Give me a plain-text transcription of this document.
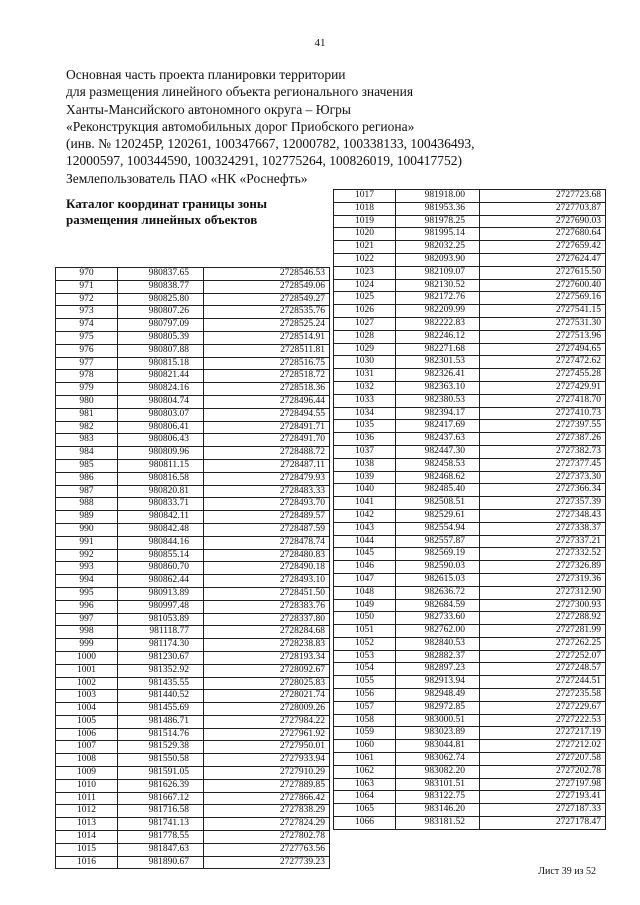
41
Основная часть проекта планировки территории
для размещения линейного объекта регионального значения
Ханты-Мансийского автономного округа – Югры
«Реконструкция автомобильных дорог Приобского региона»
(инв. № 120245Р, 120261, 100347667, 12000782, 100338133, 100436493,
12000597, 100344590, 100324291, 102775264, 100826019, 100417752)
Землепользователь ПАО «НК «Роснефть»
Каталог координат границы зоны
размещения линейных объектов
970	980837.65	2728546.53
971	980838.77	2728549.06
972	980825.80	2728549.27
973	980807.26	2728535.76
974	980797.09	2728525.24
975	980805.39	2728514.91
976	980807.88	2728511.81
977	980815.18	2728516.75
978	980821.44	2728518.72
979	980824.16	2728518.36
980	980804.74	2728496.44
981	980803.07	2728494.55
982	980806.41	2728491.71
983	980806.43	2728491.70
984	980809.96	2728488.72
985	980811.15	2728487.11
986	980816.58	2728479.93
987	980820.81	2728483.33
988	980833.71	2728493.70
989	980842.11	2728489.57
990	980842.48	2728487.59
991	980844.16	2728478.74
992	980855.14	2728480.83
993	980860.70	2728490.18
994	980862.44	2728493.10
995	980913.89	2728451.50
996	980997.48	2728383.76
997	981053.89	2728337.80
998	981118.77	2728284.68
999	981174.30	2728238.83
1000	981230.67	2728193.34
1001	981352.92	2728092.67
1002	981435.55	2728025.83
1003	981440.52	2728021.74
1004	981455.69	2728009.26
1005	981486.71	2727984.22
1006	981514.76	2727961.92
1007	981529.38	2727950.01
1008	981550.58	2727933.94
1009	981591.05	2727910.29
1010	981626.39	2727889.85
1011	981667.12	2727866.42
1012	981716.58	2727838.29
1013	981741.13	2727824.29
1014	981778.55	2727802.78
1015	981847.63	2727763.56
1016	981890.67	2727739.23
1017	981918.00	2727723.68
1018	981953.36	2727703.87
1019	981978.25	2727690.03
1020	981995.14	2727680.64
1021	982032.25	2727659.42
1022	982093.90	2727624.47
1023	982109.07	2727615.50
1024	982130.52	2727600.40
1025	982172.76	2727569.16
1026	982209.99	2727541.15
1027	982222.83	2727531.30
1028	982246.12	2727513.96
1029	982271.68	2727494.65
1030	982301.53	2727472.62
1031	982326.41	2727455.28
1032	982363.10	2727429.91
1033	982380.53	2727418.70
1034	982394.17	2727410.73
1035	982417.69	2727397.55
1036	982437.63	2727387.26
1037	982447.30	2727382.73
1038	982458.53	2727377.45
1039	982468.62	2727373.30
1040	982485.40	2727366.34
1041	982508.51	2727357.39
1042	982529.61	2727348.43
1043	982554.94	2727338.37
1044	982557.87	2727337.21
1045	982569.19	2727332.52
1046	982590.03	2727326.89
1047	982615.03	2727319.36
1048	982636.72	2727312.90
1049	982684.59	2727300.93
1050	982733.60	2727288.92
1051	982762.00	2727281.99
1052	982840.53	2727262.25
1053	982882.37	2727252.07
1054	982897.23	2727248.57
1055	982913.94	2727244.51
1056	982948.49	2727235.58
1057	982972.85	2727229.67
1058	983000.51	2727222.53
1059	983023.89	2727217.19
1060	983044.81	2727212.02
1061	983062.74	2727207.58
1062	983082.20	2727202.78
1063	983101.51	2727197.98
1064	983122.75	2727193.41
1065	983146.20	2727187.33
1066	983181.52	2727178.47
Лист 39 из 52
